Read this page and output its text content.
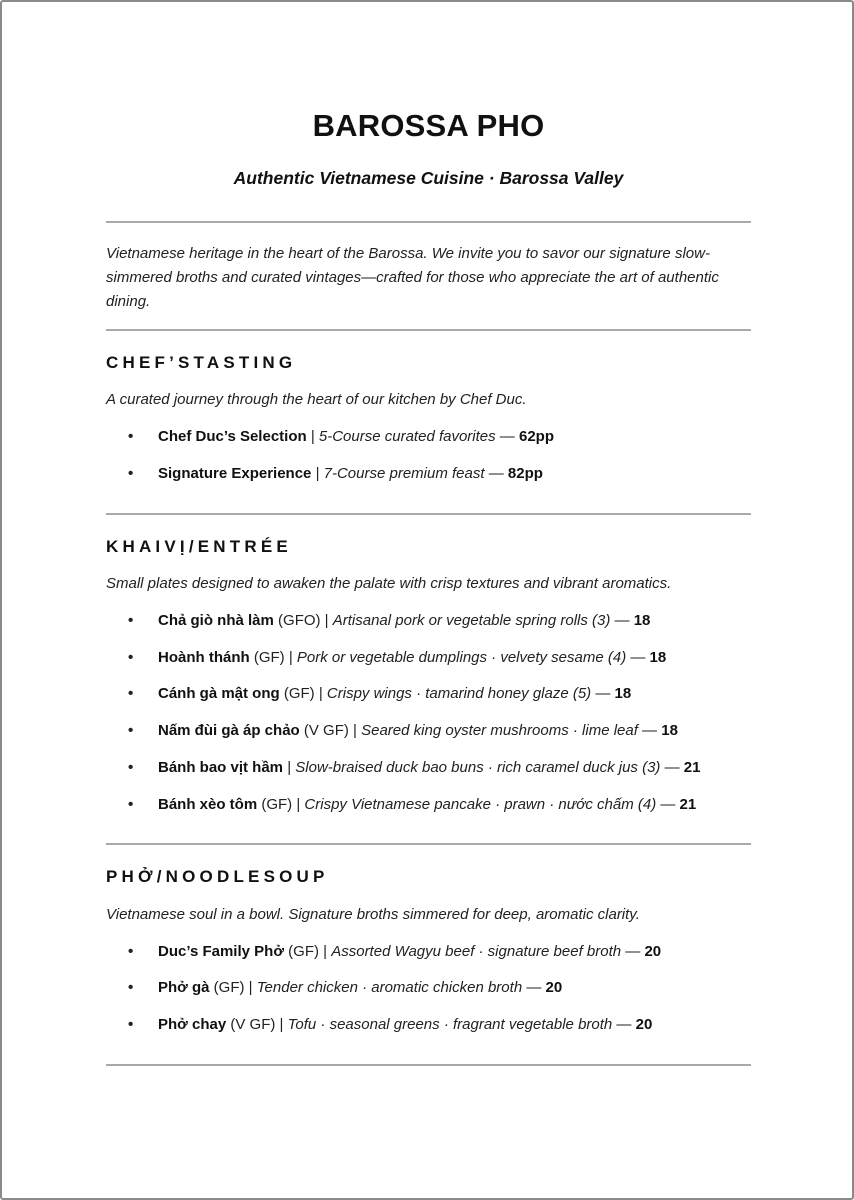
BAROSSA PHO

Authentic Vietnamese Cuisine · Barossa Valley

Vietnamese heritage in the heart of the Barossa. We invite you to savor our signature slow-simmered broths and curated vintages—crafted for those who appreciate the art of authentic dining.

CHEF’STASTING

A curated journey through the heart of our kitchen by Chef Duc.

• Chef Duc’s Selection | 5-Course curated favorites — 62pp

• Signature Experience | 7-Course premium feast — 82pp

KHAIVỊ/ENTRÉE

Small plates designed to awaken the palate with crisp textures and vibrant aromatics.

• Chả giò nhà làm (GFO) | Artisanal pork or vegetable spring rolls (3) — 18

• Hoành thánh (GF) | Pork or vegetable dumplings · velvety sesame (4) — 18

• Cánh gà mật ong (GF) | Crispy wings · tamarind honey glaze (5) — 18

• Nấm đùi gà áp chảo (V GF) | Seared king oyster mushrooms · lime leaf — 18

• Bánh bao vịt hầm | Slow-braised duck bao buns · rich caramel duck jus (3) — 21

• Bánh xèo tôm (GF) | Crispy Vietnamese pancake · prawn · nước chấm (4) — 21

PHỞ/NOODLESOUP

Vietnamese soul in a bowl. Signature broths simmered for deep, aromatic clarity.

• Duc’s Family Phở (GF) | Assorted Wagyu beef · signature beef broth — 20

• Phở gà (GF) | Tender chicken · aromatic chicken broth — 20

• Phở chay (V GF) | Tofu · seasonal greens · fragrant vegetable broth — 20
